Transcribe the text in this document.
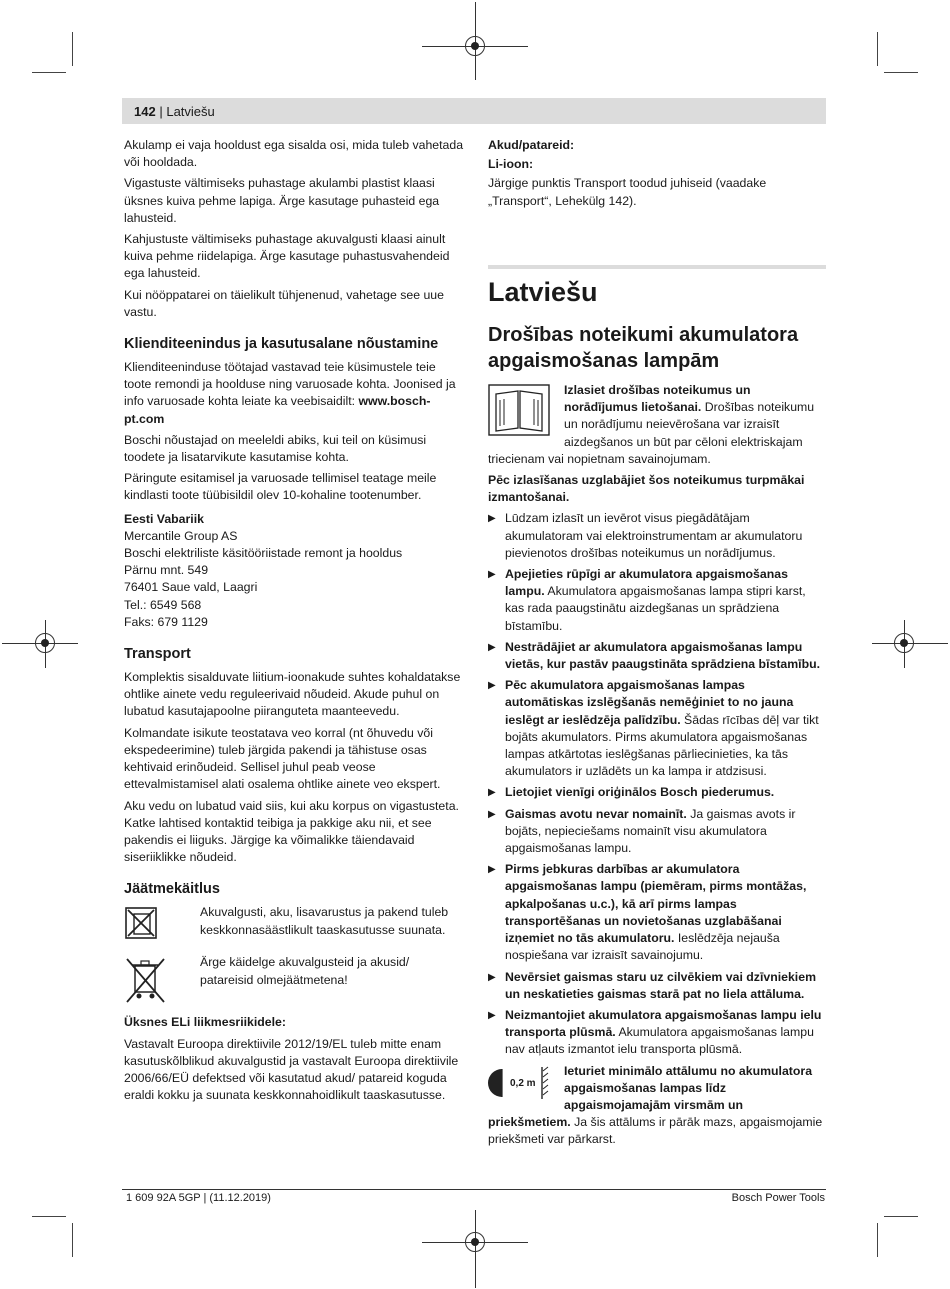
142 | Latviešu

Akulamp ei vaja hooldust ega sisalda osi, mida tuleb vahetada või hooldada.

Vigastuste vältimiseks puhastage akulambi plastist klaasi üksnes kuiva pehme lapiga. Ärge kasutage puhasteid ega lahusteid.

Kahjustuste vältimiseks puhastage akuvalgusti klaasi ainult kuiva pehme riidelapiga. Ärge kasutage puhastusvahendeid ega lahusteid.

Kui nööppatarei on täielikult tühjenenud, vahetage see uue vastu.

Klienditeenindus ja kasutusalane nõustamine

Klienditeeninduse töötajad vastavad teie küsimustele teie toote remondi ja hoolduse ning varuosade kohta. Joonised ja info varuosade kohta leiate ka veebisaidilt: www.bosch-pt.com

Boschi nõustajad on meeleldi abiks, kui teil on küsimusi toodete ja lisatarvikute kasutamise kohta.

Päringute esitamisel ja varuosade tellimisel teatage meile kindlasti toote tüübisildil olev 10-kohaline tootenumber.

Eesti Vabariik

Mercantile Group AS

Boschi elektriliste käsitööriistade remont ja hooldus

Pärnu mnt. 549

76401 Saue vald, Laagri

Tel.: 6549 568

Faks: 679 1129

Transport

Komplektis sisalduvate liitium-ioonakude suhtes kohaldatakse ohtlike ainete vedu reguleerivaid nõudeid. Akude puhul on lubatud kasutajapoolne piiranguteta maanteevedu.

Kolmandate isikute teostatava veo korral (nt õhuvedu või ekspedeerimine) tuleb järgida pakendi ja tähistuse osas kehtivaid erinõudeid. Sellisel juhul peab veose ettevalmistamisel alati osalema ohtlike ainete veo ekspert.

Aku vedu on lubatud vaid siis, kui aku korpus on vigastusteta. Katke lahtised kontaktid teibiga ja pakkige aku nii, et see pakendis ei liiguks. Järgige ka võimalikke täiendavaid siseriiklikke nõudeid.

Jäätmekäitlus

Akuvalgusti, aku, lisavarustus ja pakend tuleb keskkonnasäästlikult taaskasutusse suunata.

Ärge käidelge akuvalgusteid ja akusid/ patareisid olmejäätmetena!

Üksnes ELi liikmesriikidele:

Vastavalt Euroopa direktiivile 2012/19/EL tuleb mitte enam kasutuskõlblikud akuvalgustid ja vastavalt Euroopa direktiivile 2006/66/EÜ defektsed või kasutatud akud/ patareid koguda eraldi kokku ja suunata keskkonnahoidlikult taaskasutusse.

Akud/patareid:

Li-ioon:

Järgige punktis Transport toodud juhiseid (vaadake „Transport“, Lehekülg 142).

Latviešu
Drošības noteikumi akumulatora apgaismošanas lampām

Izlasiet drošības noteikumus un norādījumus lietošanai. Drošības noteikumu un norādījumu neievērošana var izraisīt aizdegšanos un būt par cēloni elektriskajam triecienam vai nopietnam savainojumam.

Pēc izlasīšanas uzglabājiet šos noteikumus turpmākai izmantošanai.

▶ Lūdzam izlasīt un ievērot visus piegādātājam akumulatoram vai elektroinstrumentam ar akumulatoru pievienotos drošības noteikumus un norādījumus.
▶ Apejieties rūpīgi ar akumulatora apgaismošanas lampu. Akumulatora apgaismošanas lampa stipri karst, kas rada paaugstinātu aizdegšanas un sprādziena bīstamību.
▶ Nestrādājiet ar akumulatora apgaismošanas lampu vietās, kur pastāv paaugstināta sprādziena bīstamību.
▶ Pēc akumulatora apgaismošanas lampas automātiskas izslēgšanās nemēģiniet to no jauna ieslēgt ar ieslēdzēja palīdzību. Šādas rīcības dēļ var tikt bojāts akumulators. Pirms akumulatora apgaismošanas lampas atkārtotas ieslēgšanas pārliecinieties, ka tās akumulators ir uzlādēts un ka lampa ir atdzisusi.
▶ Lietojiet vienīgi oriģinālos Bosch piederumus.
▶ Gaismas avotu nevar nomainīt. Ja gaismas avots ir bojāts, nepieciešams nomainīt visu akumulatora apgaismošanas lampu.
▶ Pirms jebkuras darbības ar akumulatora apgaismošanas lampu (piemēram, pirms montāžas, apkalpošanas u.c.), kā arī pirms lampas transportēšanas un novietošanas uzglabāšanai izņemiet no tās akumulatoru. Ieslēdzēja nejauša nospiešana var izraisīt savainojumu.
▶ Nevērsiet gaismas staru uz cilvēkiem vai dzīvniekiem un neskatieties gaismas starā pat no liela attāluma.
▶ Neizmantojiet akumulatora apgaismošanas lampu ielu transporta plūsmā. Akumulatora apgaismošanas lampu nav atļauts izmantot ielu transporta plūsmā.
0,2 m

Ieturiet minimālo attālumu no akumulatora apgaismošanas lampas līdz apgaismojamajām virsmām un priekšmetiem. Ja šis attālums ir pārāk mazs, apgaismojamie priekšmeti var pārkarst.

1 609 92A 5GP | (11.12.2019)	Bosch Power Tools
